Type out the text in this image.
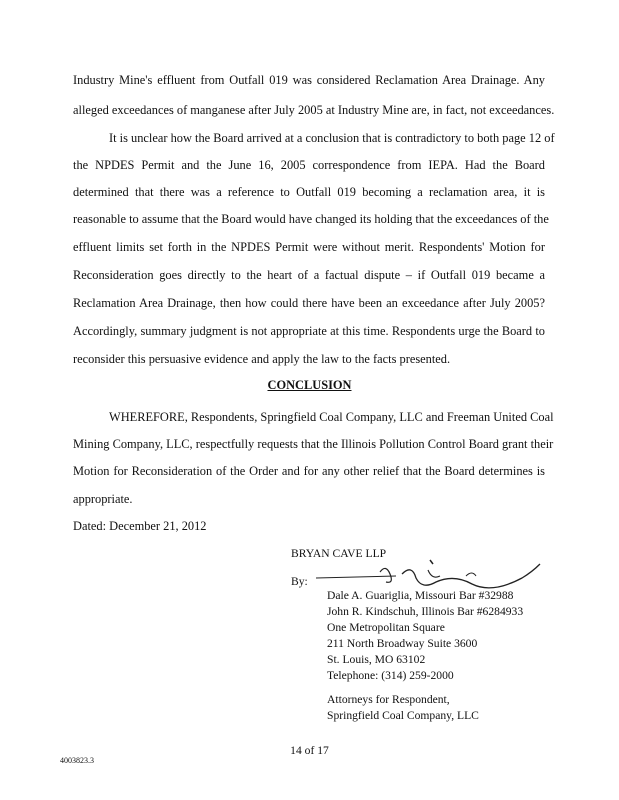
Industry Mine's effluent from Outfall 019 was considered Reclamation Area Drainage. Any
alleged exceedances of manganese after July 2005 at Industry Mine are, in fact, not exceedances.
It is unclear how the Board arrived at a conclusion that is contradictory to both page 12 of
the NPDES Permit and the June 16, 2005 correspondence from IEPA. Had the Board
determined that there was a reference to Outfall 019 becoming a reclamation area, it is
reasonable to assume that the Board would have changed its holding that the exceedances of the
effluent limits set forth in the NPDES Permit were without merit. Respondents' Motion for
Reconsideration goes directly to the heart of a factual dispute – if Outfall 019 became a
Reclamation Area Drainage, then how could there have been an exceedance after July 2005?
Accordingly, summary judgment is not appropriate at this time. Respondents urge the Board to
reconsider this persuasive evidence and apply the law to the facts presented.
CONCLUSION
WHEREFORE, Respondents, Springfield Coal Company, LLC and Freeman United Coal
Mining Company, LLC, respectfully requests that the Illinois Pollution Control Board grant their
Motion for Reconsideration of the Order and for any other relief that the Board determines is
appropriate.
Dated: December 21, 2012
BRYAN CAVE LLP
By:
Dale A. Guariglia, Missouri Bar #32988
John R. Kindschuh, Illinois Bar #6284933
One Metropolitan Square
211 North Broadway Suite 3600
St. Louis, MO 63102
Telephone: (314) 259-2000
Attorneys for Respondent,
Springfield Coal Company, LLC
14 of 17
4003823.3
